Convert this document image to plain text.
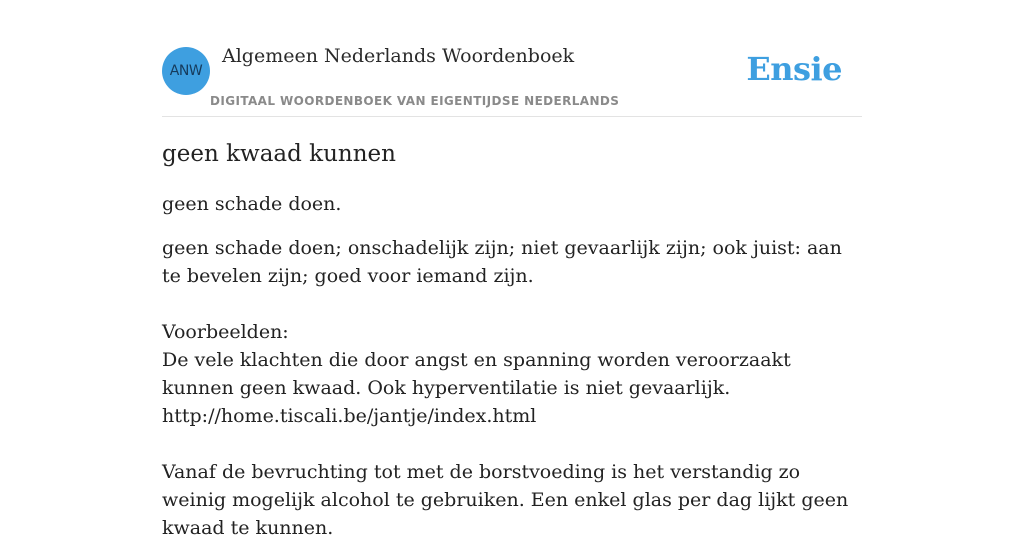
ANW
Algemeen Nederlands Woordenboek
DIGITAAL WOORDENBOEK VAN EIGENTIJDSE NEDERLANDS
Ensie
geen kwaad kunnen

geen schade doen.

geen schade doen; onschadelijk zijn; niet gevaarlijk zijn; ook juist: aan te bevelen zijn; goed voor iemand zijn.

Voorbeelden:
De vele klachten die door angst en spanning worden veroorzaakt kunnen geen kwaad. Ook hyperventilatie is niet gevaarlijk.
http://home.tiscali.be/jantje/index.html

Vanaf de bevruchting tot met de borstvoeding is het verstandig zo weinig mogelijk alcohol te gebruiken. Een enkel glas per dag lijkt geen kwaad te kunnen.
